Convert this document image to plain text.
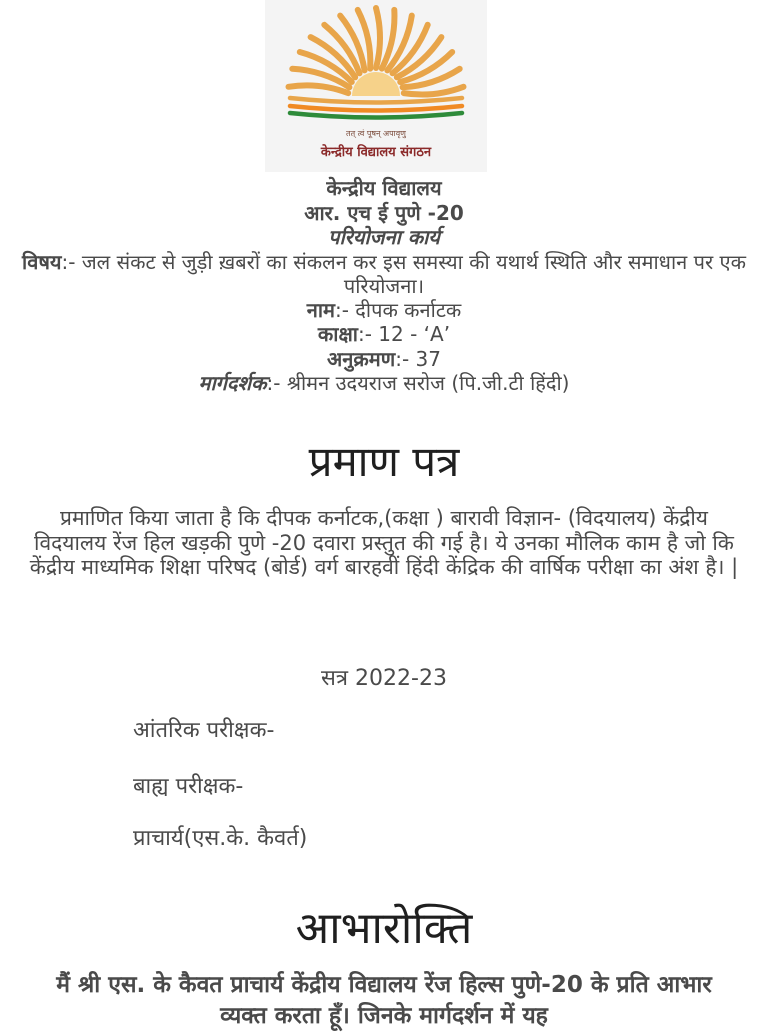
तत् त्वं पूषन् अपावृणु
केन्द्रीय विद्यालय संगठन
केन्द्रीय विद्यालय
आर. एच ई पुणे -20
परियोजना कार्य
विषय:- जल संकट से जुड़ी ख़बरों का संकलन कर इस समस्या की यथार्थ स्थिति और समाधान पर एक परियोजना।
नाम:- दीपक कर्नाटक
काक्षा:- 12 - ‘A’
अनुक्रमण:- 37
मार्गदर्शक:- श्रीमन उदयराज सरोज (पि.जी.टी हिंदी)
प्रमाण पत्र
प्रमाणित किया जाता है कि दीपक कर्नाटक,(कक्षा ) बारावी विज्ञान- (विदयालय) केंद्रीय विदयालय रेंज हिल खड़की पुणे -20 दवारा प्रस्तुत की गई है। ये उनका मौलिक काम है जो कि केंद्रीय माध्यमिक शिक्षा परिषद (बोर्ड) वर्ग बारहवीं हिंदी केंद्रिक की वार्षिक परीक्षा का अंश है। |
सत्र 2022-23
आंतरिक परीक्षक-
बाह्य परीक्षक-
प्राचार्य(एस.के. कैवर्त)
आभारोक्ति
मैं श्री एस. के कैवत प्राचार्य केंद्रीय विद्यालय रेंज हिल्स पुणे-20 के प्रति आभार व्यक्त करता हूँ। जिनके मार्गदर्शन में यह
